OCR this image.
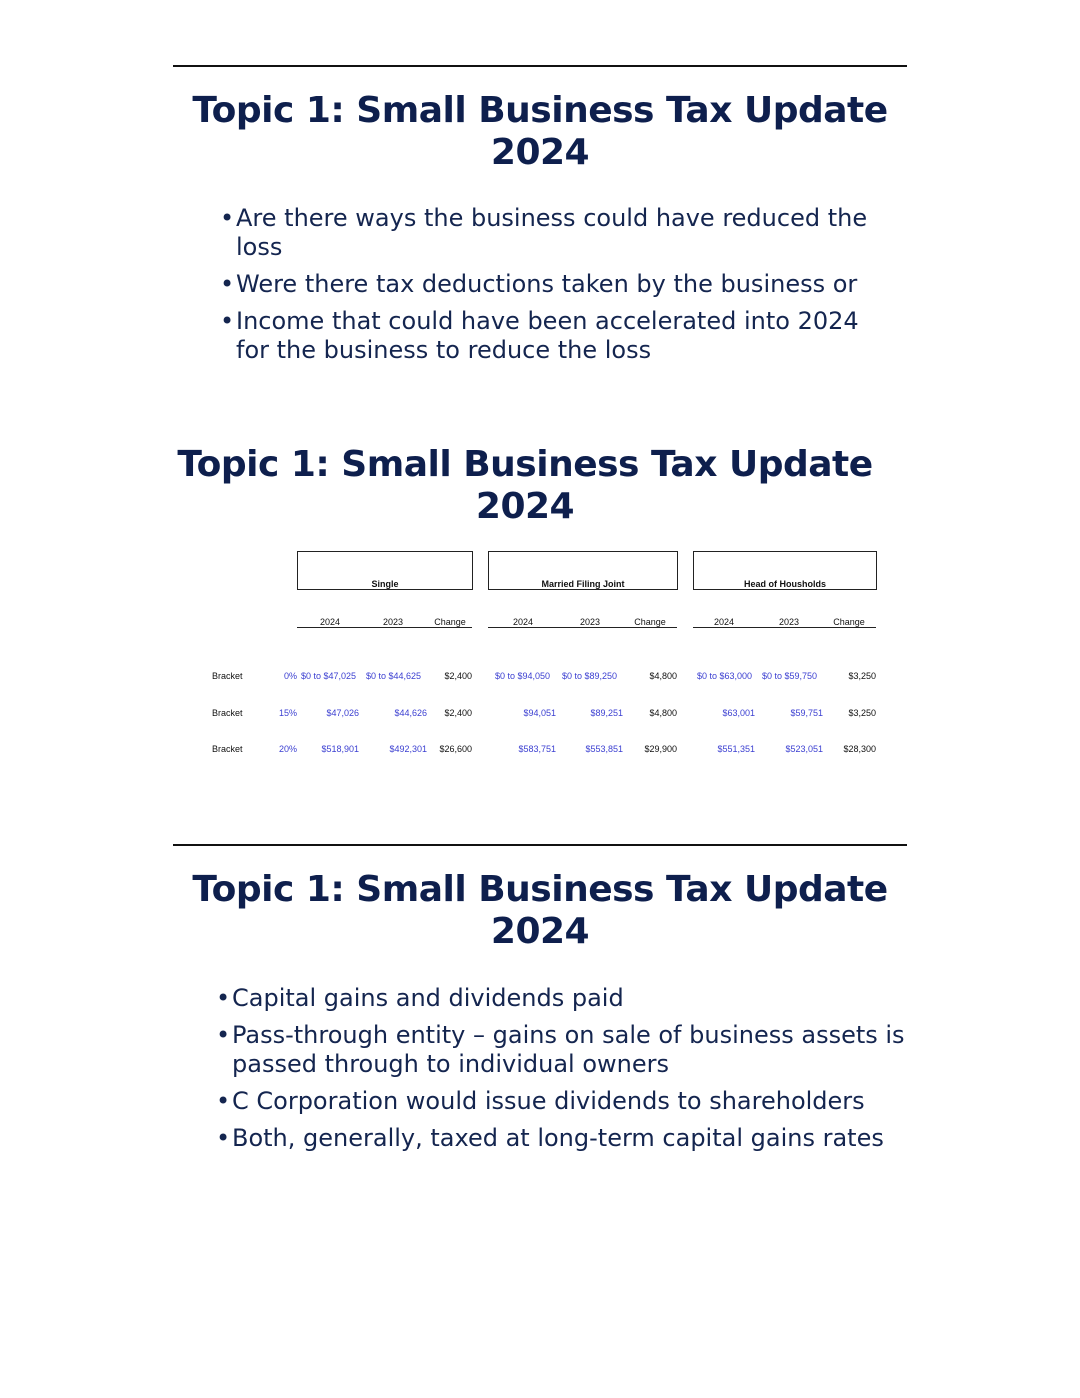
Topic 1: Small Business Tax Update
2024
• Are there ways the business could have reduced the loss
• Were there tax deductions taken by the business or
• Income that could have been accelerated into 2024 for the business to reduce the loss
Topic 1: Small Business Tax Update
2024
Single	Married Filing Joint	Head of Housholds
2024	2023	Change	2024	2023	Change	2024	2023	Change
Bracket	0% $0 to $47,025	$0 to $44,625	$2,400	$0 to $94,050	$0 to $89,250	$4,800	$0 to $63,000	$0 to $59,750	$3,250
Bracket	15%	$47,026	$44,626	$2,400	$94,051	$89,251	$4,800	$63,001	$59,751	$3,250
Bracket	20%	$518,901	$492,301	$26,600	$583,751	$553,851	$29,900	$551,351	$523,051	$28,300
Topic 1: Small Business Tax Update
2024
• Capital gains and dividends paid
• Pass-through entity – gains on sale of business assets is passed through to individual owners
• C Corporation would issue dividends to shareholders
• Both, generally, taxed at long-term capital gains rates
